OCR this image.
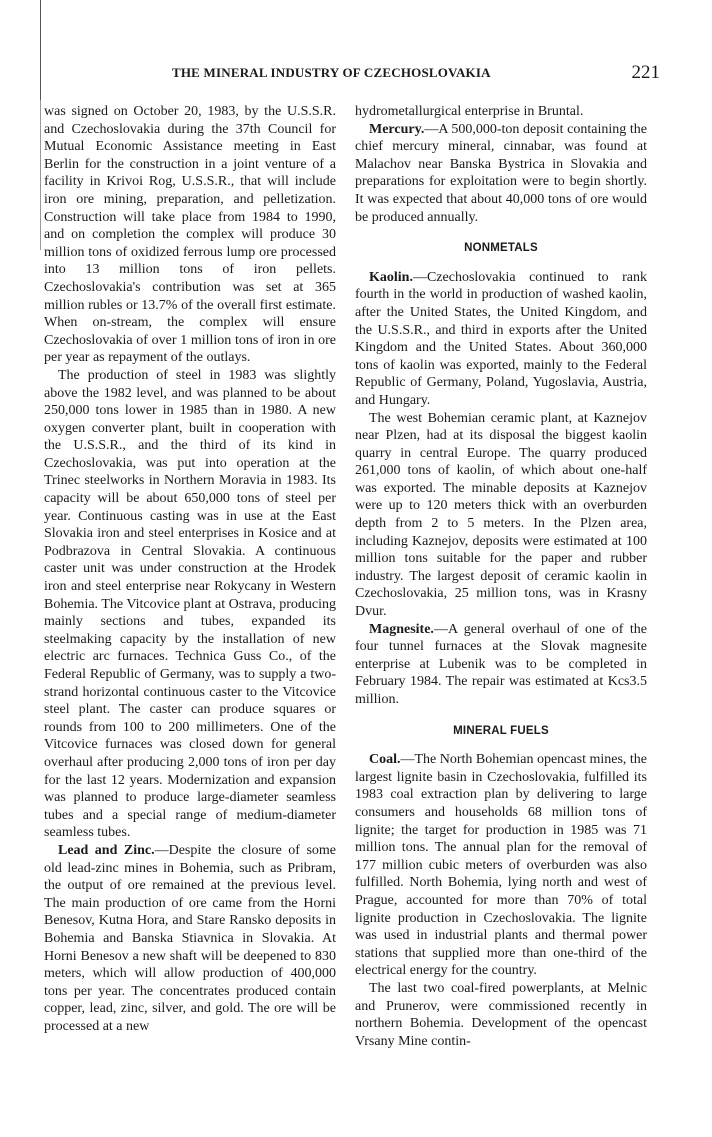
THE MINERAL INDUSTRY OF CZECHOSLOVAKIA	221

was signed on October 20, 1983, by the U.S.S.R. and Czechoslovakia during the 37th Council for Mutual Economic Assistance meeting in East Berlin for the construction in a joint venture of a facility in Krivoi Rog, U.S.S.R., that will include iron ore mining, preparation, and pelletization. Construction will take place from 1984 to 1990, and on completion the complex will produce 30 million tons of oxidized ferrous lump ore processed into 13 million tons of iron pellets. Czechoslovakia's contribution was set at 365 million rubles or 13.7% of the overall first estimate. When on-stream, the complex will ensure Czechoslovakia of over 1 million tons of iron in ore per year as repayment of the outlays.

The production of steel in 1983 was slightly above the 1982 level, and was planned to be about 250,000 tons lower in 1985 than in 1980. A new oxygen converter plant, built in cooperation with the U.S.S.R., and the third of its kind in Czechoslovakia, was put into operation at the Trinec steelworks in Northern Moravia in 1983. Its capacity will be about 650,000 tons of steel per year. Continuous casting was in use at the East Slovakia iron and steel enterprises in Kosice and at Podbrazova in Central Slovakia. A continuous caster unit was under construction at the Hrodek iron and steel enterprise near Rokycany in Western Bohemia. The Vitcovice plant at Ostrava, producing mainly sections and tubes, expanded its steelmaking capacity by the installation of new electric arc furnaces. Technica Guss Co., of the Federal Republic of Germany, was to supply a two-strand horizontal continuous caster to the Vitcovice steel plant. The caster can produce squares or rounds from 100 to 200 millimeters. One of the Vitcovice furnaces was closed down for general overhaul after producing 2,000 tons of iron per day for the last 12 years. Modernization and expansion was planned to produce large-diameter seamless tubes and a special range of medium-diameter seamless tubes.

Lead and Zinc.—Despite the closure of some old lead-zinc mines in Bohemia, such as Pribram, the output of ore remained at the previous level. The main production of ore came from the Horni Benesov, Kutna Hora, and Stare Ransko deposits in Bohemia and Banska Stiavnica in Slovakia. At Horni Benesov a new shaft will be deepened to 830 meters, which will allow production of 400,000 tons per year. The concentrates produced contain copper, lead, zinc, silver, and gold. The ore will be processed at a new

hydrometallurgical enterprise in Bruntal.

Mercury.—A 500,000-ton deposit containing the chief mercury mineral, cinnabar, was found at Malachov near Banska Bystrica in Slovakia and preparations for exploitation were to begin shortly. It was expected that about 40,000 tons of ore would be produced annually.

NONMETALS

Kaolin.—Czechoslovakia continued to rank fourth in the world in production of washed kaolin, after the United States, the United Kingdom, and the U.S.S.R., and third in exports after the United Kingdom and the United States. About 360,000 tons of kaolin was exported, mainly to the Federal Republic of Germany, Poland, Yugoslavia, Austria, and Hungary.

The west Bohemian ceramic plant, at Kaznejov near Plzen, had at its disposal the biggest kaolin quarry in central Europe. The quarry produced 261,000 tons of kaolin, of which about one-half was exported. The minable deposits at Kaznejov were up to 120 meters thick with an overburden depth from 2 to 5 meters. In the Plzen area, including Kaznejov, deposits were estimated at 100 million tons suitable for the paper and rubber industry. The largest deposit of ceramic kaolin in Czechoslovakia, 25 million tons, was in Krasny Dvur.

Magnesite.—A general overhaul of one of the four tunnel furnaces at the Slovak magnesite enterprise at Lubenik was to be completed in February 1984. The repair was estimated at Kcs3.5 million.

MINERAL FUELS

Coal.—The North Bohemian opencast mines, the largest lignite basin in Czechoslovakia, fulfilled its 1983 coal extraction plan by delivering to large consumers and households 68 million tons of lignite; the target for production in 1985 was 71 million tons. The annual plan for the removal of 177 million cubic meters of overburden was also fulfilled. North Bohemia, lying north and west of Prague, accounted for more than 70% of total lignite production in Czechoslovakia. The lignite was used in industrial plants and thermal power stations that supplied more than one-third of the electrical energy for the country.

The last two coal-fired powerplants, at Melnic and Prunerov, were commissioned recently in northern Bohemia. Development of the opencast Vrsany Mine contin-
